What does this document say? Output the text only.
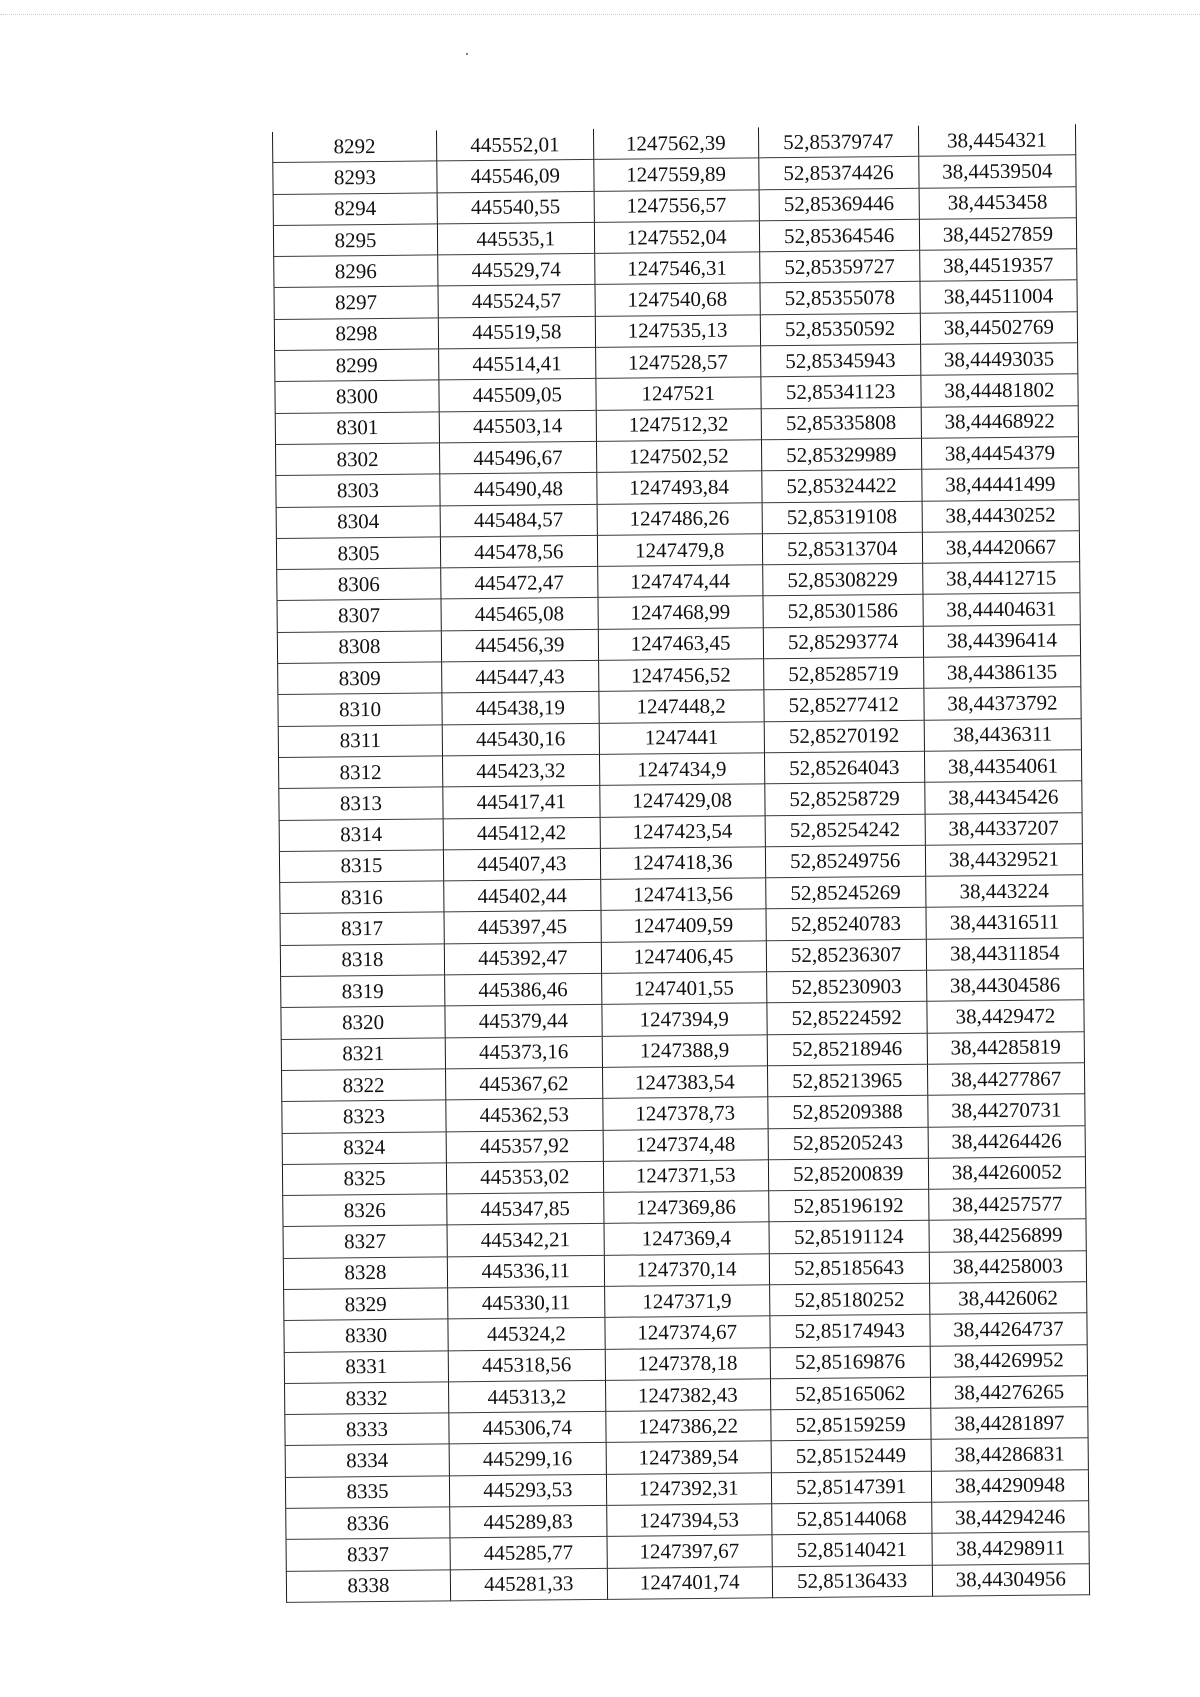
8292	445552,01	1247562,39	52,85379747	38,4454321
8293	445546,09	1247559,89	52,85374426	38,44539504
8294	445540,55	1247556,57	52,85369446	38,4453458
8295	445535,1	1247552,04	52,85364546	38,44527859
8296	445529,74	1247546,31	52,85359727	38,44519357
8297	445524,57	1247540,68	52,85355078	38,44511004
8298	445519,58	1247535,13	52,85350592	38,44502769
8299	445514,41	1247528,57	52,85345943	38,44493035
8300	445509,05	1247521	52,85341123	38,44481802
8301	445503,14	1247512,32	52,85335808	38,44468922
8302	445496,67	1247502,52	52,85329989	38,44454379
8303	445490,48	1247493,84	52,85324422	38,44441499
8304	445484,57	1247486,26	52,85319108	38,44430252
8305	445478,56	1247479,8	52,85313704	38,44420667
8306	445472,47	1247474,44	52,85308229	38,44412715
8307	445465,08	1247468,99	52,85301586	38,44404631
8308	445456,39	1247463,45	52,85293774	38,44396414
8309	445447,43	1247456,52	52,85285719	38,44386135
8310	445438,19	1247448,2	52,85277412	38,44373792
8311	445430,16	1247441	52,85270192	38,4436311
8312	445423,32	1247434,9	52,85264043	38,44354061
8313	445417,41	1247429,08	52,85258729	38,44345426
8314	445412,42	1247423,54	52,85254242	38,44337207
8315	445407,43	1247418,36	52,85249756	38,44329521
8316	445402,44	1247413,56	52,85245269	38,443224
8317	445397,45	1247409,59	52,85240783	38,44316511
8318	445392,47	1247406,45	52,85236307	38,44311854
8319	445386,46	1247401,55	52,85230903	38,44304586
8320	445379,44	1247394,9	52,85224592	38,4429472
8321	445373,16	1247388,9	52,85218946	38,44285819
8322	445367,62	1247383,54	52,85213965	38,44277867
8323	445362,53	1247378,73	52,85209388	38,44270731
8324	445357,92	1247374,48	52,85205243	38,44264426
8325	445353,02	1247371,53	52,85200839	38,44260052
8326	445347,85	1247369,86	52,85196192	38,44257577
8327	445342,21	1247369,4	52,85191124	38,44256899
8328	445336,11	1247370,14	52,85185643	38,44258003
8329	445330,11	1247371,9	52,85180252	38,4426062
8330	445324,2	1247374,67	52,85174943	38,44264737
8331	445318,56	1247378,18	52,85169876	38,44269952
8332	445313,2	1247382,43	52,85165062	38,44276265
8333	445306,74	1247386,22	52,85159259	38,44281897
8334	445299,16	1247389,54	52,85152449	38,44286831
8335	445293,53	1247392,31	52,85147391	38,44290948
8336	445289,83	1247394,53	52,85144068	38,44294246
8337	445285,77	1247397,67	52,85140421	38,44298911
8338	445281,33	1247401,74	52,85136433	38,44304956
